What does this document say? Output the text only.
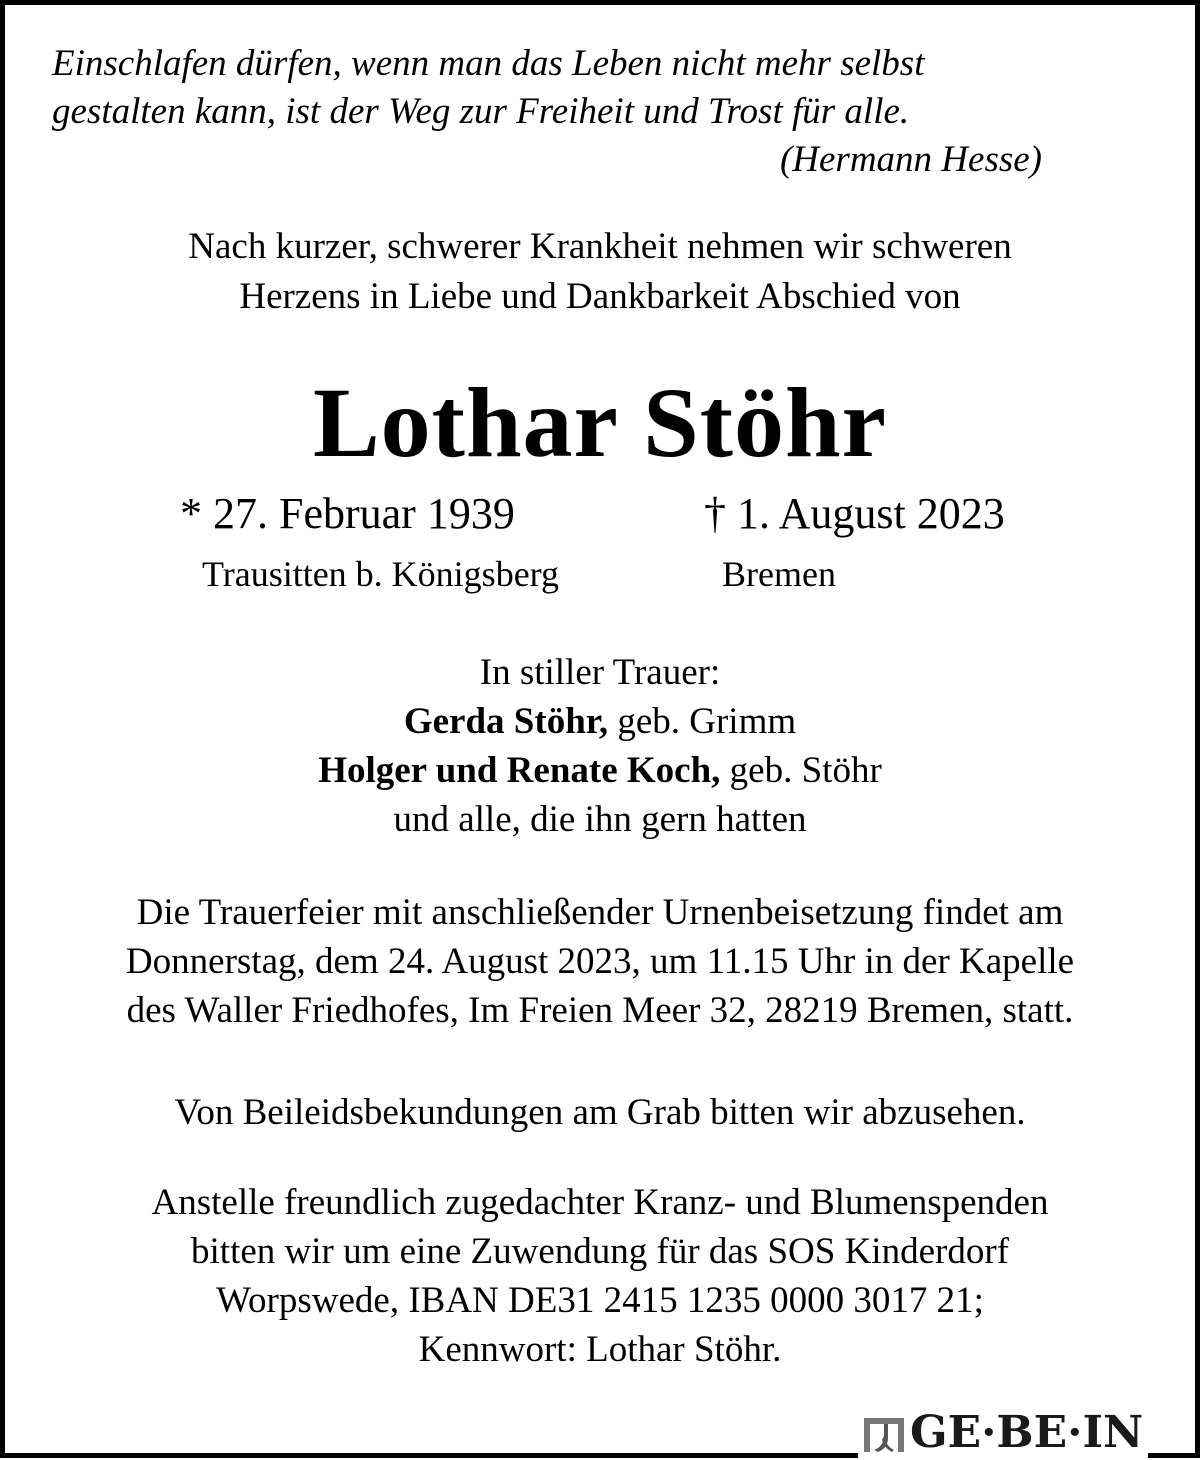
Einschlafen dürfen, wenn man das Leben nicht mehr selbst
gestalten kann, ist der Weg zur Freiheit und Trost für alle.
(Hermann Hesse)
Nach kurzer, schwerer Krankheit nehmen wir schweren
Herzens in Liebe und Dankbarkeit Abschied von
Lothar Stöhr
* 27. Februar 1939	† 1. August 2023
Trausitten b. Königsberg	Bremen
In stiller Trauer:
Gerda Stöhr, geb. Grimm
Holger und Renate Koch, geb. Stöhr
und alle, die ihn gern hatten
Die Trauerfeier mit anschließender Urnenbeisetzung findet am
Donnerstag, dem 24. August 2023, um 11.15 Uhr in der Kapelle
des Waller Friedhofes, Im Freien Meer 32, 28219 Bremen, statt.
Von Beileidsbekundungen am Grab bitten wir abzusehen.
Anstelle freundlich zugedachter Kranz- und Blumenspenden
bitten wir um eine Zuwendung für das SOS Kinderdorf
Worpswede, IBAN DE31 2415 1235 0000 3017 21;
Kennwort: Lothar Stöhr.
GE·BE·IN
